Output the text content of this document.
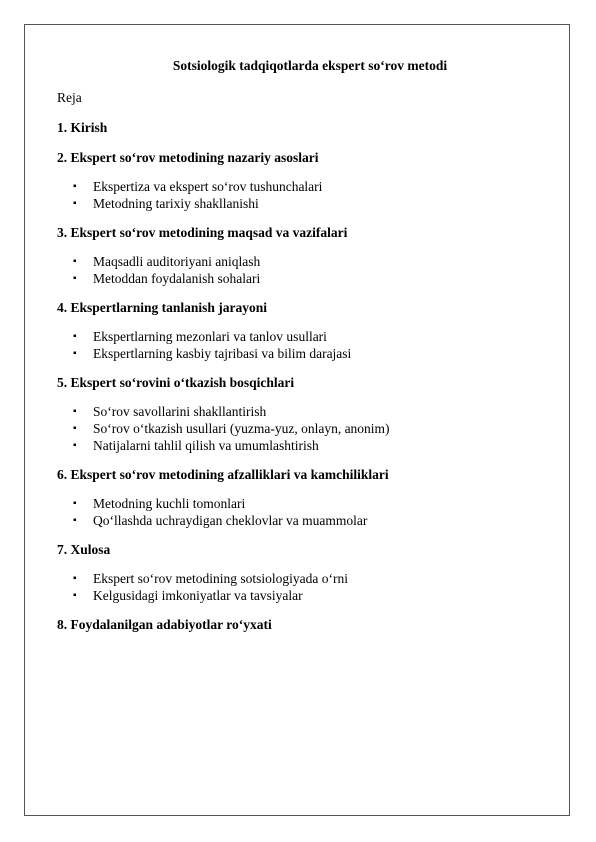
Sotsiologik tadqiqotlarda ekspert so‘rov metodi
Reja
1. Kirish
2. Ekspert so‘rov metodining nazariy asoslari
▪ Ekspertiza va ekspert so‘rov tushunchalari
▪ Metodning tarixiy shakllanishi
3. Ekspert so‘rov metodining maqsad va vazifalari
▪ Maqsadli auditoriyani aniqlash
▪ Metoddan foydalanish sohalari
4. Ekspertlarning tanlanish jarayoni
▪ Ekspertlarning mezonlari va tanlov usullari
▪ Ekspertlarning kasbiy tajribasi va bilim darajasi
5. Ekspert so‘rovini o‘tkazish bosqichlari
▪ So‘rov savollarini shakllantirish
▪ So‘rov o‘tkazish usullari (yuzma-yuz, onlayn, anonim)
▪ Natijalarni tahlil qilish va umumlashtirish
6. Ekspert so‘rov metodining afzalliklari va kamchiliklari
▪ Metodning kuchli tomonlari
▪ Qo‘llashda uchraydigan cheklovlar va muammolar
7. Xulosa
▪ Ekspert so‘rov metodining sotsiologiyada o‘rni
▪ Kelgusidagi imkoniyatlar va tavsiyalar
8. Foydalanilgan adabiyotlar ro‘yxati
